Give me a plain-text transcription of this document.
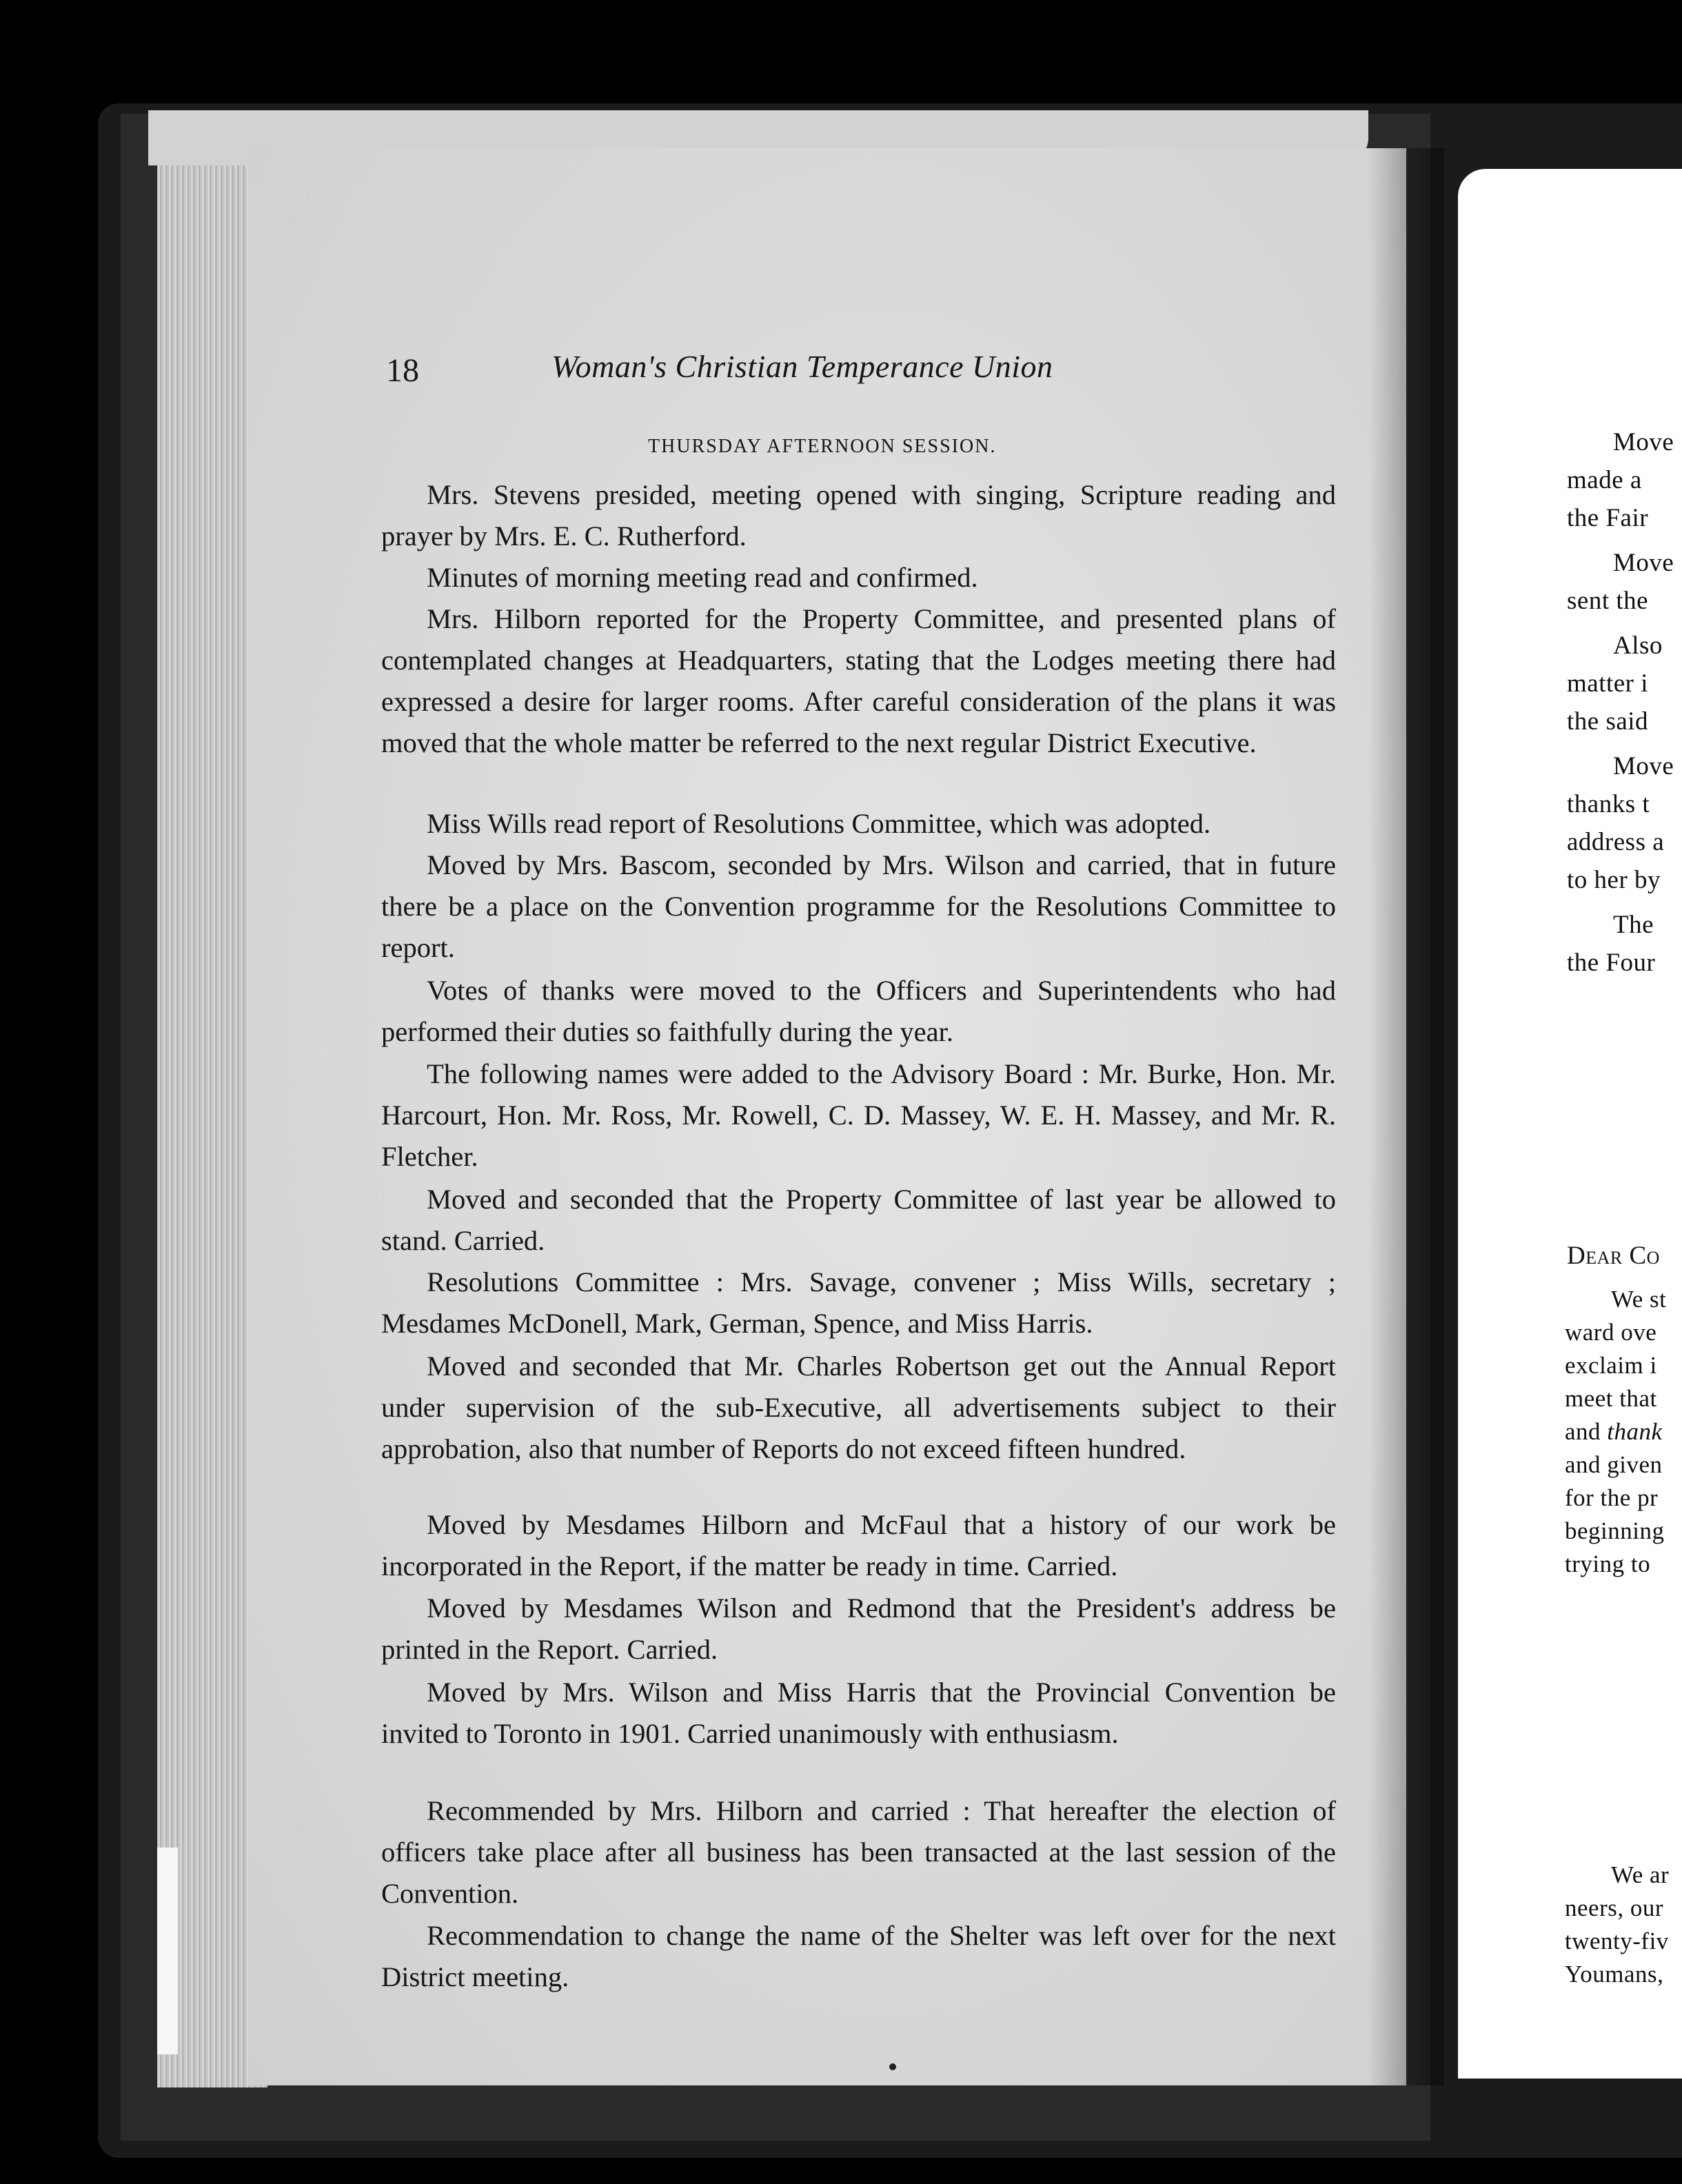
18	Woman's Christian Temperance Union
THURSDAY AFTERNOON SESSION.

Mrs. Stevens presided, meeting opened with singing, Scripture reading and prayer by Mrs. E. C. Rutherford.

Minutes of morning meeting read and confirmed.

Mrs. Hilborn reported for the Property Committee, and presented plans of contemplated changes at Headquarters, stating that the Lodges meeting there had expressed a desire for larger rooms. After careful consideration of the plans it was moved that the whole matter be referred to the next regular District Executive.

Miss Wills read report of Resolutions Committee, which was adopted.

Moved by Mrs. Bascom, seconded by Mrs. Wilson and carried, that in future there be a place on the Convention programme for the Resolutions Committee to report.

Votes of thanks were moved to the Officers and Superintendents who had performed their duties so faithfully during the year.

The following names were added to the Advisory Board : Mr. Burke, Hon. Mr. Harcourt, Hon. Mr. Ross, Mr. Rowell, C. D. Massey, W. E. H. Massey, and Mr. R. Fletcher.

Moved and seconded that the Property Committee of last year be allowed to stand. Carried.

Resolutions Committee : Mrs. Savage, convener ; Miss Wills, secretary ; Mesdames McDonell, Mark, German, Spence, and Miss Harris.

Moved and seconded that Mr. Charles Robertson get out the Annual Report under supervision of the sub-Executive, all advertisements subject to their approbation, also that number of Reports do not exceed fifteen hundred.

Moved by Mesdames Hilborn and McFaul that a history of our work be incorporated in the Report, if the matter be ready in time. Carried.

Moved by Mesdames Wilson and Redmond that the President's address be printed in the Report. Carried.

Moved by Mrs. Wilson and Miss Harris that the Provincial Convention be invited to Toronto in 1901. Carried unanimously with enthusiasm.

Recommended by Mrs. Hilborn and carried : That hereafter the election of officers take place after all business has been transacted at the last session of the Convention.

Recommendation to change the name of the Shelter was left over for the next District meeting.

Move
made a
the Fair
Move
sent the
Also
matter i
the said
Move
thanks t
address a
to her by
The
the Four
Dear Co
We st
ward ove
exclaim i
meet that
and thank
and given
for the pr
beginning
trying to
We ar
neers, our
twenty-fiv
Youmans,
